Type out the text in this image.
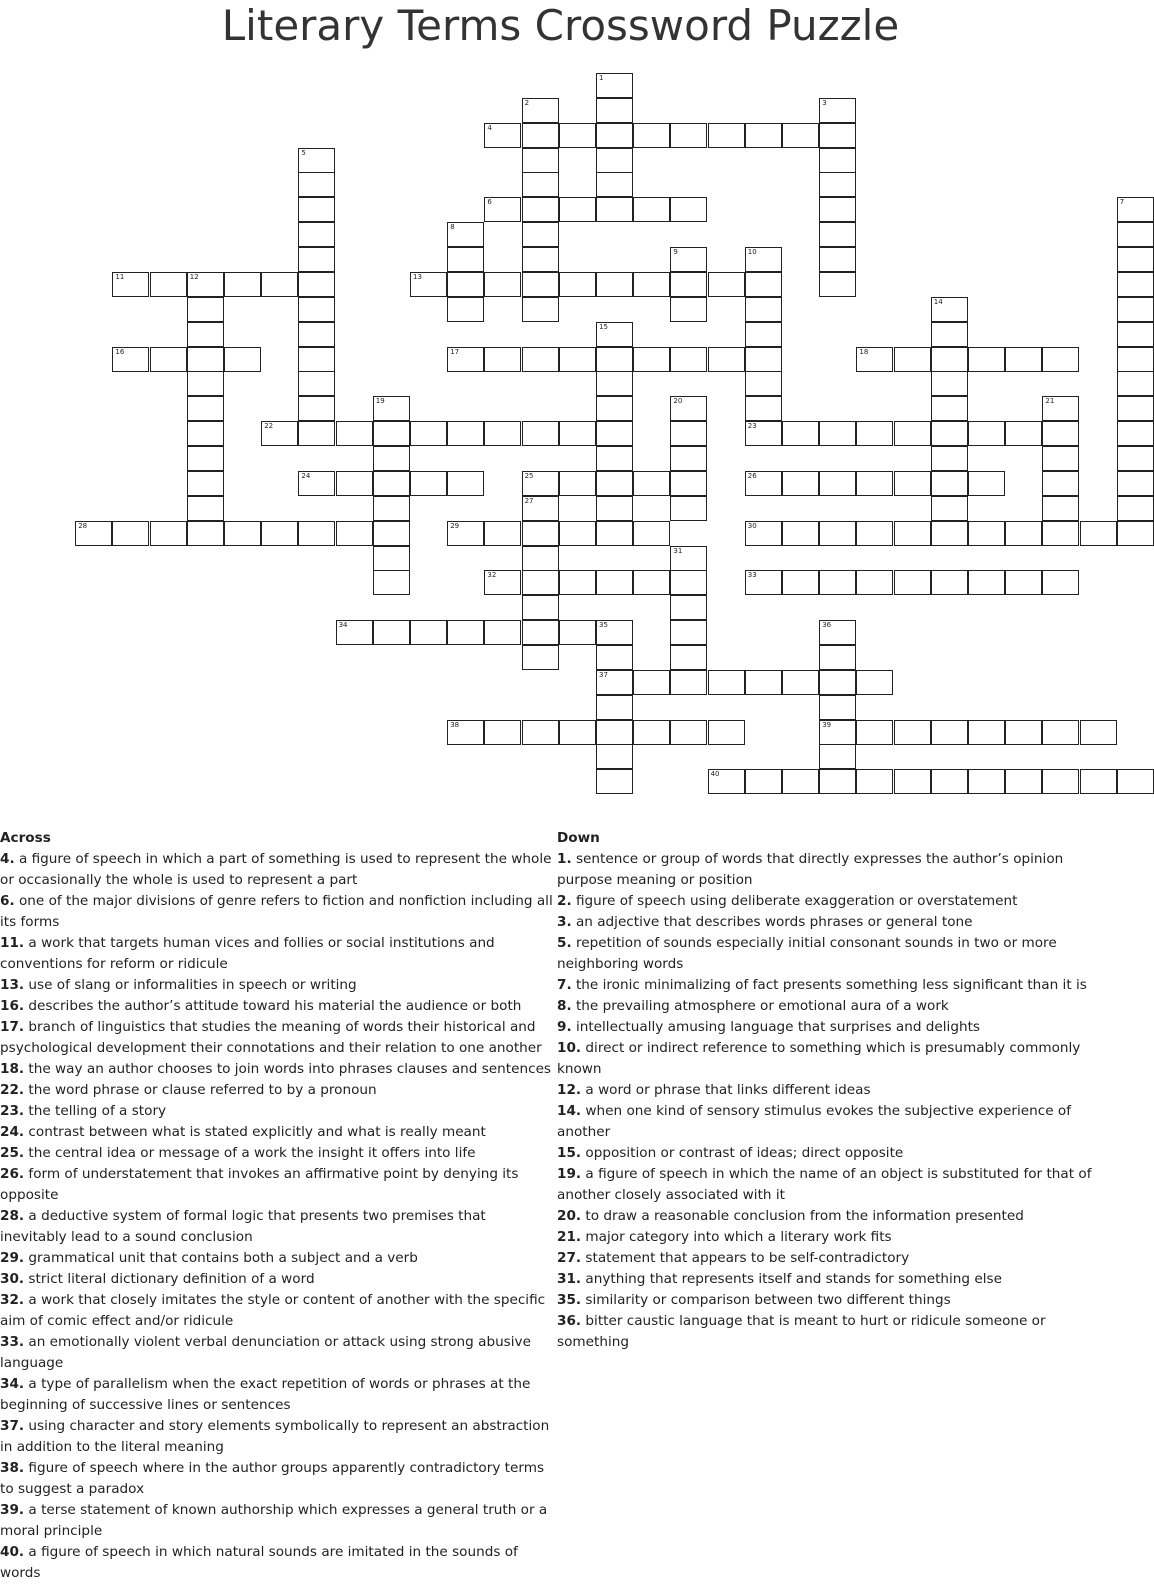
Literary Terms Crossword Puzzle
4
6
11	12	13
16	17	18
22	23
24	25	26
28	29	30
32	33
34	35
37
38	39
40
1
2	3
5
7
8
9	10
14
15
19	20	21
27
31
36
Across
4. a figure of speech in which a part of something is used to represent the whole or occasionally the whole is used to represent a part
6. one of the major divisions of genre refers to fiction and nonfiction including all its forms
11. a work that targets human vices and follies or social institutions and conventions for reform or ridicule
13. use of slang or informalities in speech or writing
16. describes the author’s attitude toward his material the audience or both
17. branch of linguistics that studies the meaning of words their historical and psychological development their connotations and their relation to one another
18. the way an author chooses to join words into phrases clauses and sentences
22. the word phrase or clause referred to by a pronoun
23. the telling of a story
24. contrast between what is stated explicitly and what is really meant
25. the central idea or message of a work the insight it offers into life
26. form of understatement that invokes an affirmative point by denying its opposite
28. a deductive system of formal logic that presents two premises that inevitably lead to a sound conclusion
29. grammatical unit that contains both a subject and a verb
30. strict literal dictionary definition of a word
32. a work that closely imitates the style or content of another with the specific aim of comic effect and/or ridicule
33. an emotionally violent verbal denunciation or attack using strong abusive language
34. a type of parallelism when the exact repetition of words or phrases at the beginning of successive lines or sentences
37. using character and story elements symbolically to represent an abstraction in addition to the literal meaning
38. figure of speech where in the author groups apparently contradictory terms to suggest a paradox
39. a terse statement of known authorship which expresses a general truth or a moral principle
40. a figure of speech in which natural sounds are imitated in the sounds of words
Down
1. sentence or group of words that directly expresses the author’s opinion purpose meaning or position
2. figure of speech using deliberate exaggeration or overstatement
3. an adjective that describes words phrases or general tone
5. repetition of sounds especially initial consonant sounds in two or more neighboring words
7. the ironic minimalizing of fact presents something less significant than it is
8. the prevailing atmosphere or emotional aura of a work
9. intellectually amusing language that surprises and delights
10. direct or indirect reference to something which is presumably commonly known
12. a word or phrase that links different ideas
14. when one kind of sensory stimulus evokes the subjective experience of another
15. opposition or contrast of ideas; direct opposite
19. a figure of speech in which the name of an object is substituted for that of another closely associated with it
20. to draw a reasonable conclusion from the information presented
21. major category into which a literary work fits
27. statement that appears to be self-contradictory
31. anything that represents itself and stands for something else
35. similarity or comparison between two different things
36. bitter caustic language that is meant to hurt or ridicule someone or something
